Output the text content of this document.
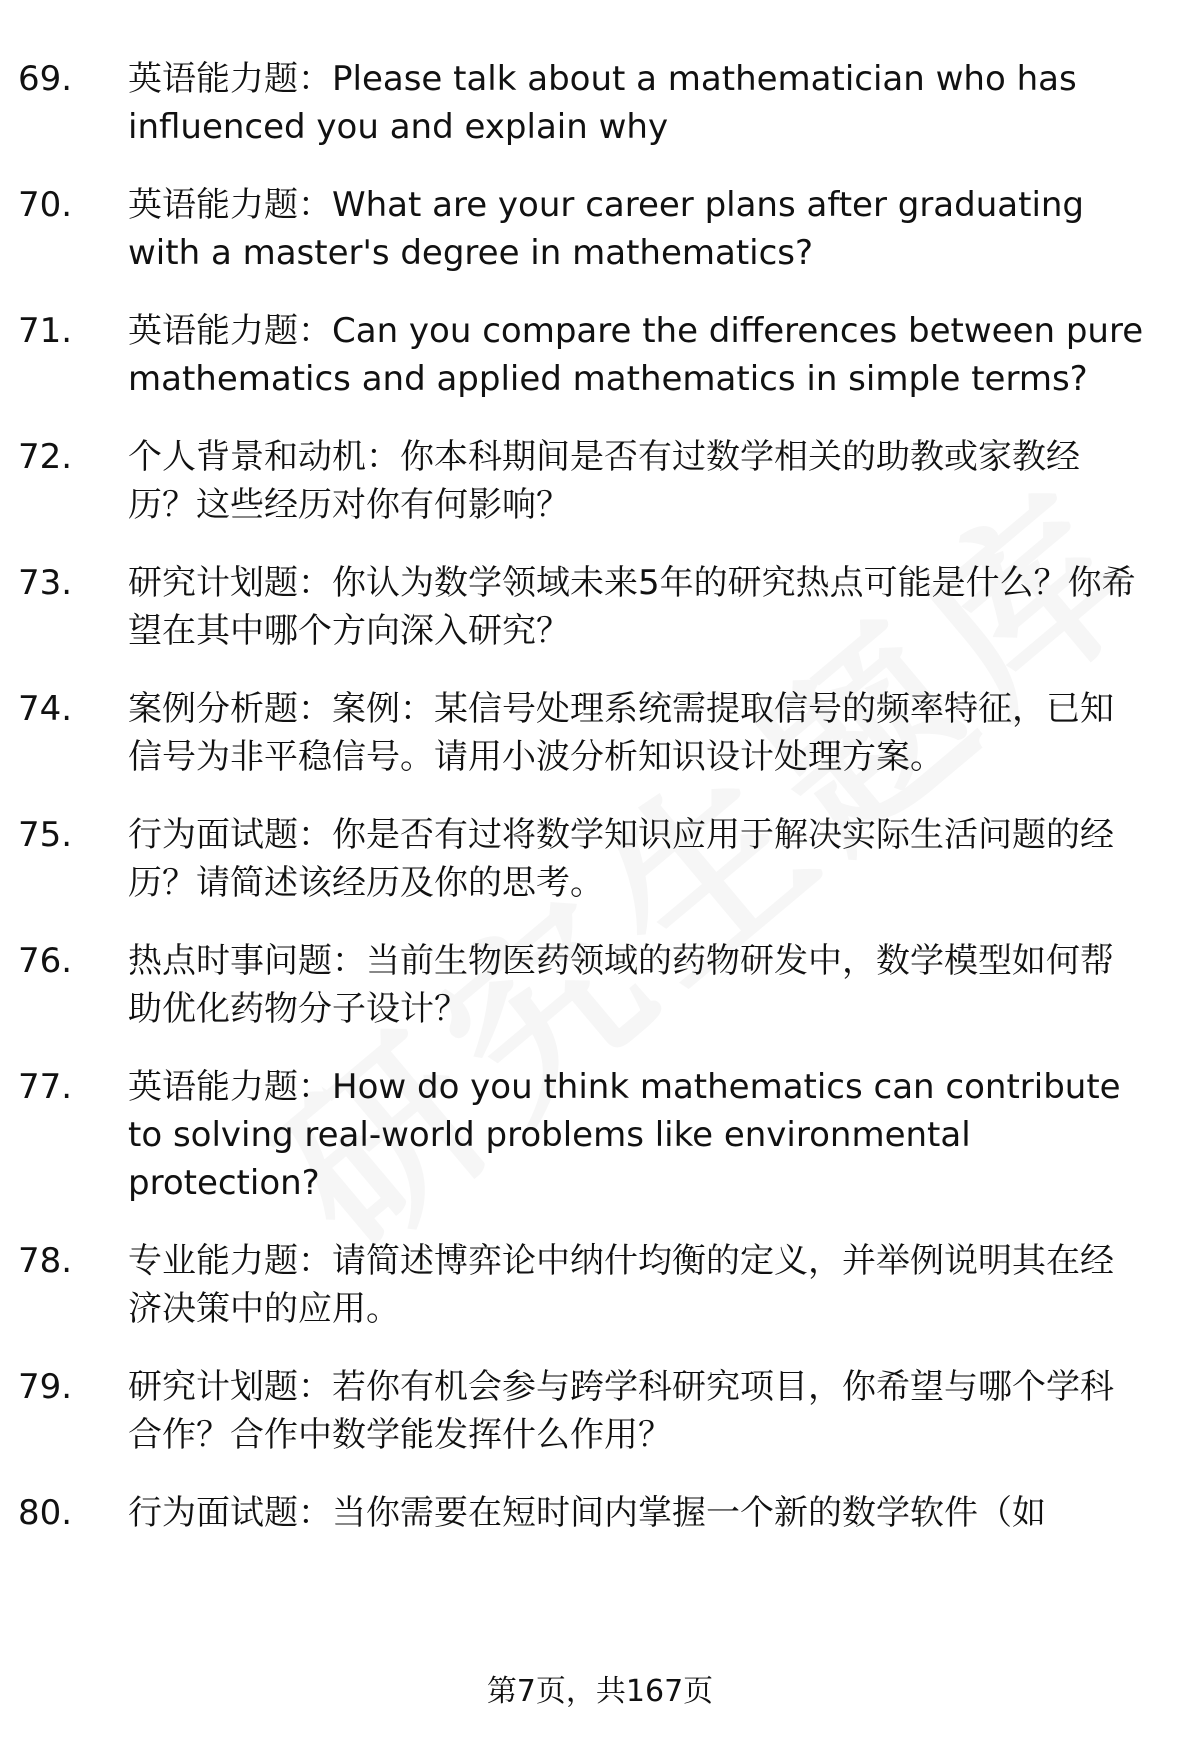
69.	英语能力题：Please talk about a mathematician who has influenced you and explain why
70.	英语能力题：What are your career plans after graduating with a master's degree in mathematics?
71.	英语能力题：Can you compare the differences between pure mathematics and applied mathematics in simple terms?
72.	个人背景和动机：你本科期间是否有过数学相关的助教或家教经历？这些经历对你有何影响？
73.	研究计划题：你认为数学领域未来5年的研究热点可能是什么？你希望在其中哪个方向深入研究？
74.	案例分析题：案例：某信号处理系统需提取信号的频率特征，已知信号为非平稳信号。请用小波分析知识设计处理方案。
75.	行为面试题：你是否有过将数学知识应用于解决实际生活问题的经历？请简述该经历及你的思考。
76.	热点时事问题：当前生物医药领域的药物研发中，数学模型如何帮助优化药物分子设计？
77.	英语能力题：How do you think mathematics can contribute to solving real-world problems like environmental protection?
78.	专业能力题：请简述博弈论中纳什均衡的定义，并举例说明其在经济决策中的应用。
79.	研究计划题：若你有机会参与跨学科研究项目，你希望与哪个学科合作？合作中数学能发挥什么作用？
80.	行为面试题：当你需要在短时间内掌握一个新的数学软件（如
第7页，共167页
